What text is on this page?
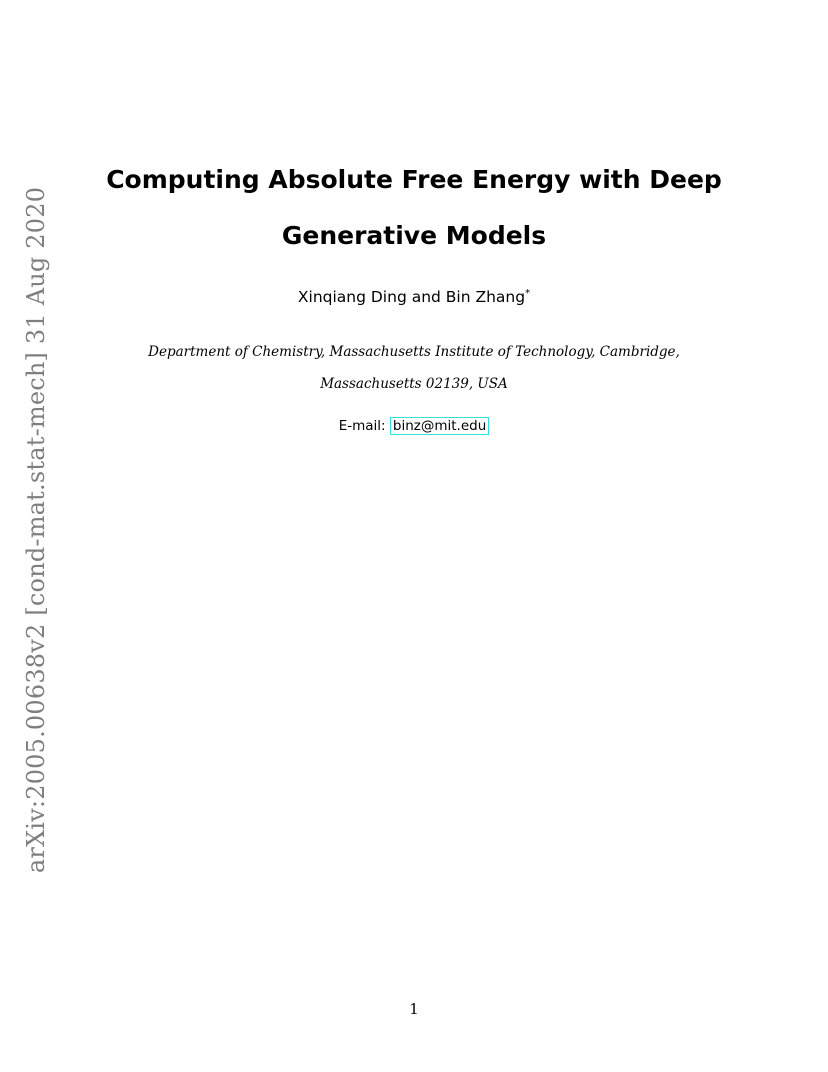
arXiv:2005.00638v2 [cond-mat.stat-mech] 31 Aug 2020
Computing Absolute Free Energy with Deep
Generative Models
Xinqiang Ding and Bin Zhang*
Department of Chemistry, Massachusetts Institute of Technology, Cambridge,
Massachusetts 02139, USA
E-mail: binz@mit.edu
1
